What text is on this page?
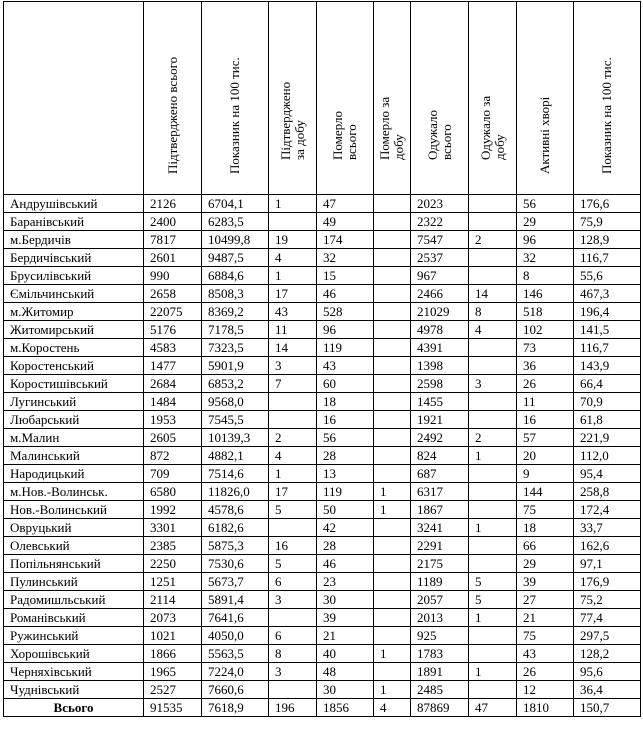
	Підтверджено всього	Показник на 100 тис.	Підтверджено за добу	Померло всього	Померло за добу	Одужало всього	Одужало за добу	Активні хворі	Показник на 100 тис.

Андрушівський	2126	6704,1	1	47		2023		56	176,6
Баранівський	2400	6283,5		49		2322		29	75,9
м.Бердичів	7817	10499,8	19	174		7547	2	96	128,9
Бердичівський	2601	9487,5	4	32		2537		32	116,7
Брусилівський	990	6884,6	1	15		967		8	55,6
Ємільчинський	2658	8508,3	17	46		2466	14	146	467,3
м.Житомир	22075	8369,2	43	528		21029	8	518	196,4
Житомирський	5176	7178,5	11	96		4978	4	102	141,5
м.Коростень	4583	7323,5	14	119		4391		73	116,7
Коростенський	1477	5901,9	3	43		1398		36	143,9
Коростишівський	2684	6853,2	7	60		2598	3	26	66,4
Лугинський	1484	9568,0		18		1455		11	70,9
Любарський	1953	7545,5		16		1921		16	61,8
м.Малин	2605	10139,3	2	56		2492	2	57	221,9
Малинський	872	4882,1	4	28		824	1	20	112,0
Народицький	709	7514,6	1	13		687		9	95,4
м.Нов.-Волинськ.	6580	11826,0	17	119	1	6317		144	258,8
Нов.-Волинський	1992	4578,6	5	50	1	1867		75	172,4
Овруцький	3301	6182,6		42		3241	1	18	33,7
Олевський	2385	5875,3	16	28		2291		66	162,6
Попільнянський	2250	7530,6	5	46		2175		29	97,1
Пулинський	1251	5673,7	6	23		1189	5	39	176,9
Радомишльський	2114	5891,4	3	30		2057	5	27	75,2
Романівський	2073	7641,6		39		2013	1	21	77,4
Ружинський	1021	4050,0	6	21		925		75	297,5
Хорошівський	1866	5563,5	8	40	1	1783		43	128,2
Черняхівський	1965	7224,0	3	48		1891	1	26	95,6
Чуднівський	2527	7660,6		30	1	2485		12	36,4
Всього	91535	7618,9	196	1856	4	87869	47	1810	150,7
